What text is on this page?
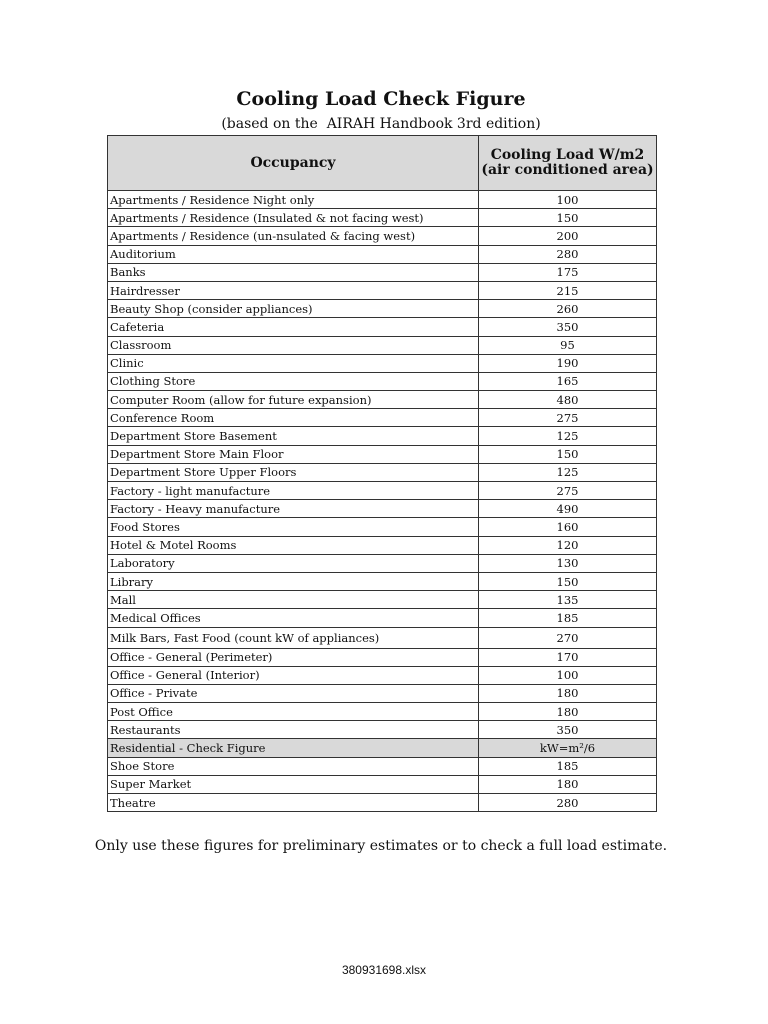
Cooling Load Check Figure
(based on the  AIRAH Handbook 3rd edition)
Occupancy	Cooling Load W/m2 (air conditioned area)
Apartments / Residence Night only	100
Apartments / Residence (Insulated & not facing west)	150
Apartments / Residence (un-nsulated & facing west)	200
Auditorium	280
Banks	175
Hairdresser	215
Beauty Shop (consider appliances)	260
Cafeteria	350
Classroom	95
Clinic	190
Clothing Store	165
Computer Room (allow for future expansion)	480
Conference Room	275
Department Store Basement	125
Department Store Main Floor	150
Department Store Upper Floors	125
Factory - light manufacture	275
Factory - Heavy manufacture	490
Food Stores	160
Hotel & Motel Rooms	120
Laboratory	130
Library	150
Mall	135
Medical Offices	185
Milk Bars, Fast Food (count kW of appliances)	270
Office - General (Perimeter)	170
Office - General (Interior)	100
Office - Private	180
Post Office	180
Restaurants	350
Residential - Check Figure	kW=m²/6
Shoe Store	185
Super Market	180
Theatre	280
Only use these figures for preliminary estimates or to check a full load estimate.
380931698.xlsx
